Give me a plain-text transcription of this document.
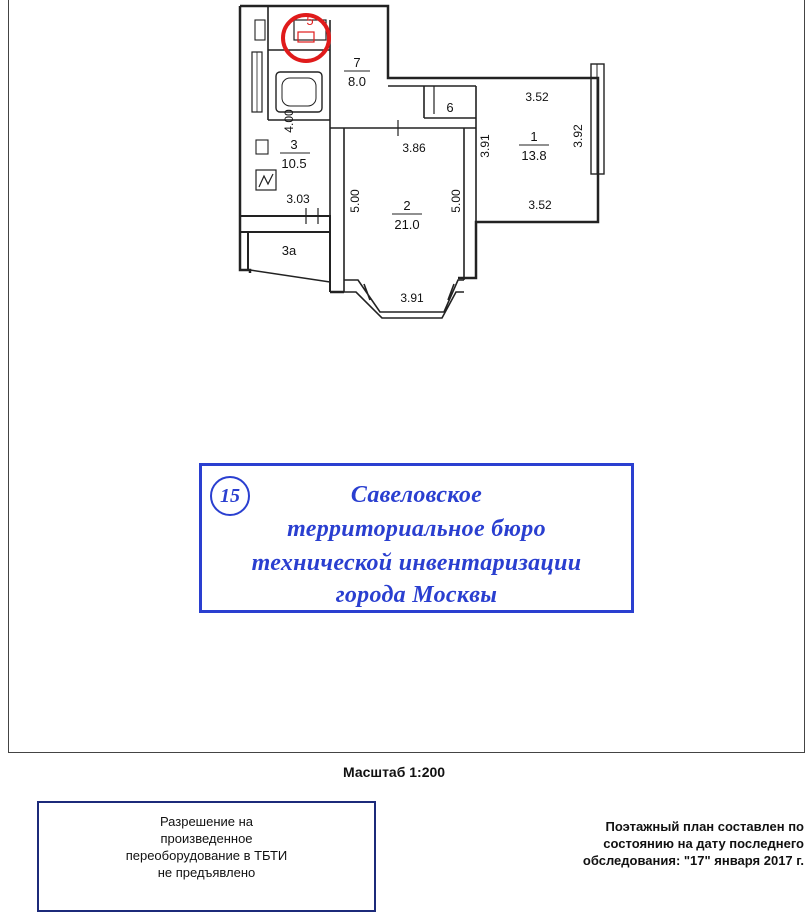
1
13.8
2
21.0
3
10.5
3а
5
6
7
8.0
3.52
3.92
3.91
3.52
3.86
5.00	5.00
3.91
4.00
3.03
15	Савеловское
территориальное бюро
технической инвентаризации
города Москвы
Масштаб 1:200
Разрешение на
произведенное
переоборудование в ТБТИ
не предъявлено
Поэтажный план составлен по
состоянию на дату последнего
обследования: "17" января 2017 г.
